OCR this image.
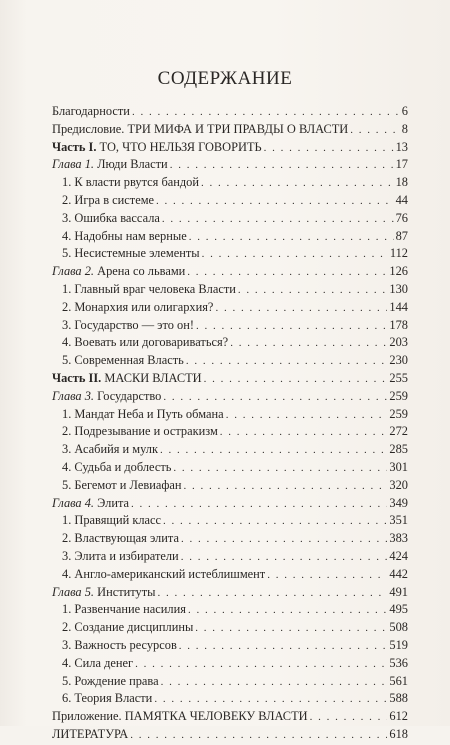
СОДЕРЖАНИЕ
Благодарности . . .	6
Предисловие. ТРИ МИФА И ТРИ ПРАВДЫ О ВЛАСТИ . . .	8
Часть I. ТО, ЧТО НЕЛЬЗЯ ГОВОРИТЬ . . .	13
Глава 1. Люди Власти . . .	17
1. К власти рвутся бандой . . .	18
2. Игра в системе . . .	44
3. Ошибка вассала . . .	76
4. Надобны нам верные . . .	87
5. Несистемные элементы . . .	112
Глава 2. Арена со львами . . .	126
1. Главный враг человека Власти . . .	130
2. Монархия или олигархия? . . .	144
3. Государство — это он! . . .	178
4. Воевать или договариваться? . . .	203
5. Современная Власть . . .	230
Часть II. МАСКИ ВЛАСТИ . . .	255
Глава 3. Государство . . .	259
1. Мандат Неба и Путь обмана . . .	259
2. Подрезывание и остракизм . . .	272
3. Асабийя и мулк . . .	285
4. Судьба и доблесть . . .	301
5. Бегемот и Левиафан . . .	320
Глава 4. Элита . . .	349
1. Правящий класс . . .	351
2. Властвующая элита . . .	383
3. Элита и избиратели . . .	424
4. Англо-американский истеблишмент . . .	442
Глава 5. Институты . . .	491
1. Развенчание насилия . . .	495
2. Создание дисциплины . . .	508
3. Важность ресурсов . . .	519
4. Сила денег . . .	536
5. Рождение права . . .	561
6. Теория Власти . . .	588
Приложение. ПАМЯТКА ЧЕЛОВЕКУ ВЛАСТИ . . .	612
ЛИТЕРАТУРА . . .	618
